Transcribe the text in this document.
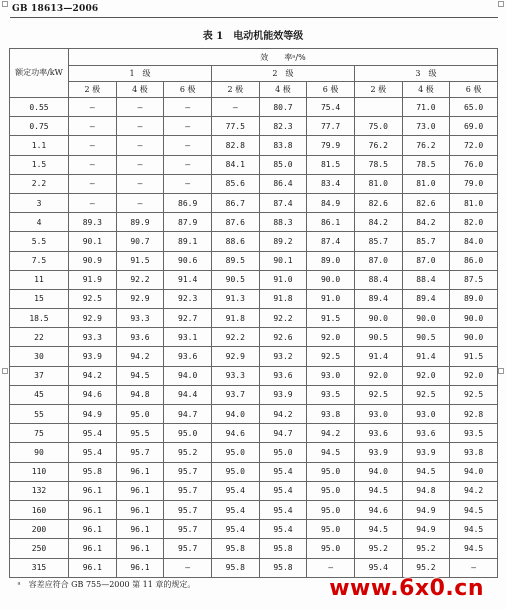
GB 18613—2006
表 1　电动机能效等级
额定功率/kW	效　　率ᵃ/%								
	1　级			2　级			3　级		
	2 极	4 极	6 极	2 极	4 极	6 极	2 极	4 极	6 极
0.55	—	—	—	—	80.7	75.4		71.0	65.0
0.75	—	—	—	77.5	82.3	77.7	75.0	73.0	69.0
1.1	—	—	—	82.8	83.8	79.9	76.2	76.2	72.0
1.5	—	—	—	84.1	85.0	81.5	78.5	78.5	76.0
2.2	—	—	—	85.6	86.4	83.4	81.0	81.0	79.0
3	—	—	86.9	86.7	87.4	84.9	82.6	82.6	81.0
4	89.3	89.9	87.9	87.6	88.3	86.1	84.2	84.2	82.0
5.5	90.1	90.7	89.1	88.6	89.2	87.4	85.7	85.7	84.0
7.5	90.9	91.5	90.6	89.5	90.1	89.0	87.0	87.0	86.0
11	91.9	92.2	91.4	90.5	91.0	90.0	88.4	88.4	87.5
15	92.5	92.9	92.3	91.3	91.8	91.0	89.4	89.4	89.0
18.5	92.9	93.3	92.7	91.8	92.2	91.5	90.0	90.0	90.0
22	93.3	93.6	93.1	92.2	92.6	92.0	90.5	90.5	90.0
30	93.9	94.2	93.6	92.9	93.2	92.5	91.4	91.4	91.5
37	94.2	94.5	94.0	93.3	93.6	93.0	92.0	92.0	92.0
45	94.6	94.8	94.4	93.7	93.9	93.5	92.5	92.5	92.5
55	94.9	95.0	94.7	94.0	94.2	93.8	93.0	93.0	92.8
75	95.4	95.5	95.0	94.6	94.7	94.2	93.6	93.6	93.5
90	95.4	95.7	95.2	95.0	95.0	94.5	93.9	93.9	93.8
110	95.8	96.1	95.7	95.0	95.4	95.0	94.0	94.5	94.0
132	96.1	96.1	95.7	95.4	95.4	95.0	94.5	94.8	94.2
160	96.1	96.1	95.7	95.4	95.4	95.0	94.6	94.9	94.5
200	96.1	96.1	95.7	95.4	95.4	95.0	94.5	94.9	94.5
250	96.1	96.1	95.7	95.8	95.8	95.0	95.2	95.2	94.5
315	96.1	96.1	—	95.8	95.8	—	95.4	95.2	—
ᵃ　容差应符合 GB 755—2000 第 11 章的规定。										www.6x0.cn
